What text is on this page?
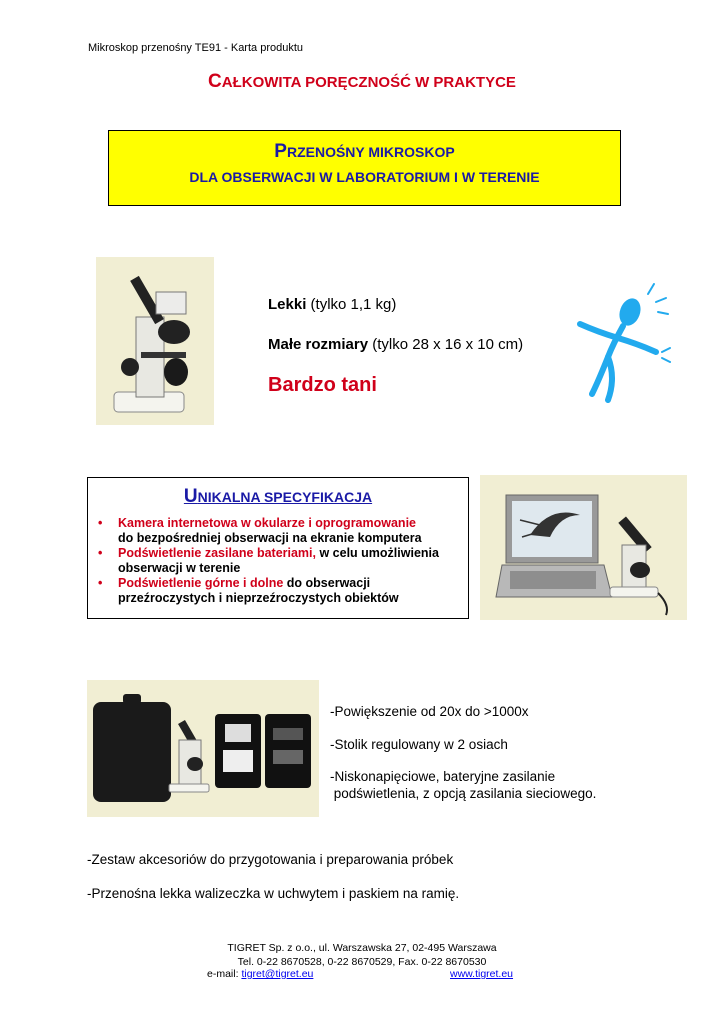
Mikroskop przenośny TE91 - Karta produktu
CAŁKOWITA PORĘCZNOŚĆ W PRAKTYCE
PRZENOŚNY MIKROSKOP
DLA OBSERWACJI W LABORATORIUM I W TERENIE
Lekki (tylko 1,1 kg)
Małe rozmiary (tylko 28 x 16 x 10 cm)
Bardzo tani
UNIKALNA SPECYFIKACJA
• Kamera internetowa w okularze i oprogramowanie
do bezpośredniej obserwacji na ekranie komputera
• Podświetlenie zasilane bateriami, w celu umożliwienia obserwacji w terenie
• Podświetlenie górne i dolne do obserwacji przeźroczystych i nieprzeźroczystych obiektów
-Powiększenie od 20x do >1000x
-Stolik regulowany w 2 osiach
-Niskonapięciowe, bateryjne zasilanie
podświetlenia, z opcją zasilania sieciowego.
-Zestaw akcesoriów do przygotowania i preparowania próbek
-Przenośna lekka walizeczka w uchwytem i paskiem na ramię.
TIGRET Sp. z o.o., ul. Warszawska 27, 02-495 Warszawa
Tel. 0-22 8670528, 0-22 8670529, Fax. 0-22 8670530
e-mail: tigret@tigret.eu	www.tigret.eu
